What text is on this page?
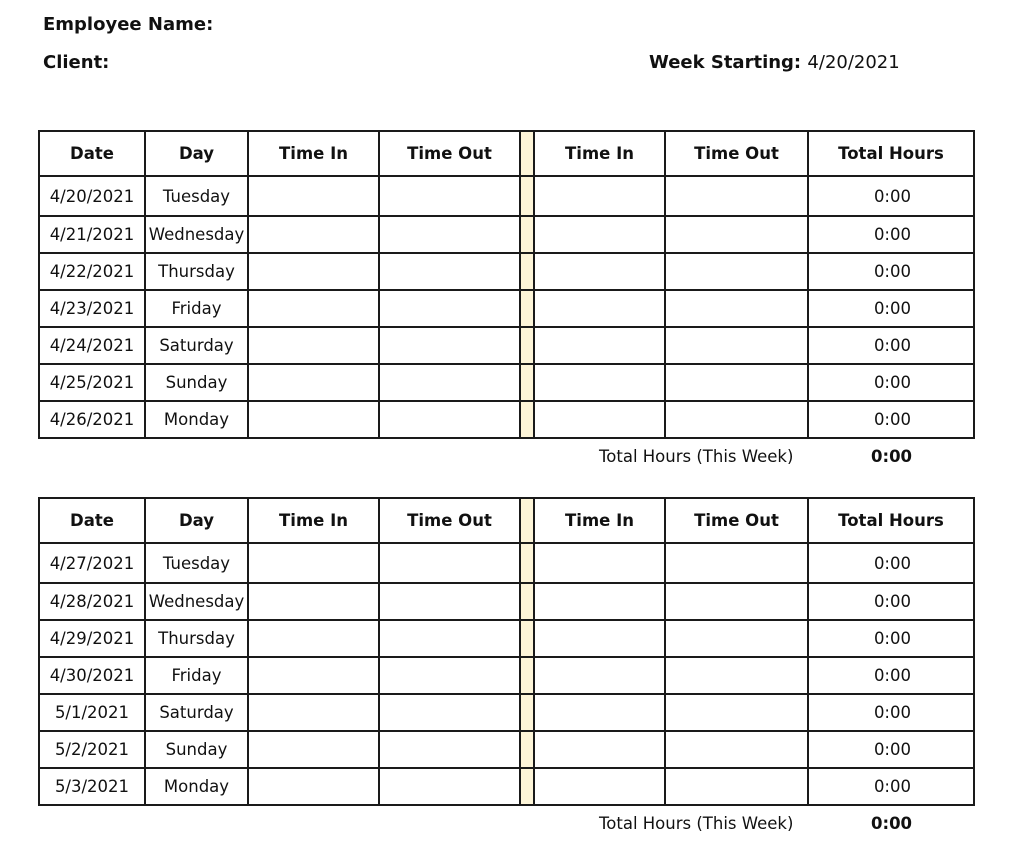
Employee Name:
Client:	Week Starting: 4/20/2021
Date	Day	Time In	Time Out		Time In	Time Out	Total Hours
4/20/2021	Tuesday						0:00
4/21/2021	Wednesday						0:00
4/22/2021	Thursday						0:00
4/23/2021	Friday						0:00
4/24/2021	Saturday						0:00
4/25/2021	Sunday						0:00
4/26/2021	Monday						0:00
Total Hours (This Week)	0:00
Date	Day	Time In	Time Out		Time In	Time Out	Total Hours
4/27/2021	Tuesday						0:00
4/28/2021	Wednesday						0:00
4/29/2021	Thursday						0:00
4/30/2021	Friday						0:00
5/1/2021	Saturday						0:00
5/2/2021	Sunday						0:00
5/3/2021	Monday						0:00
Total Hours (This Week)	0:00
